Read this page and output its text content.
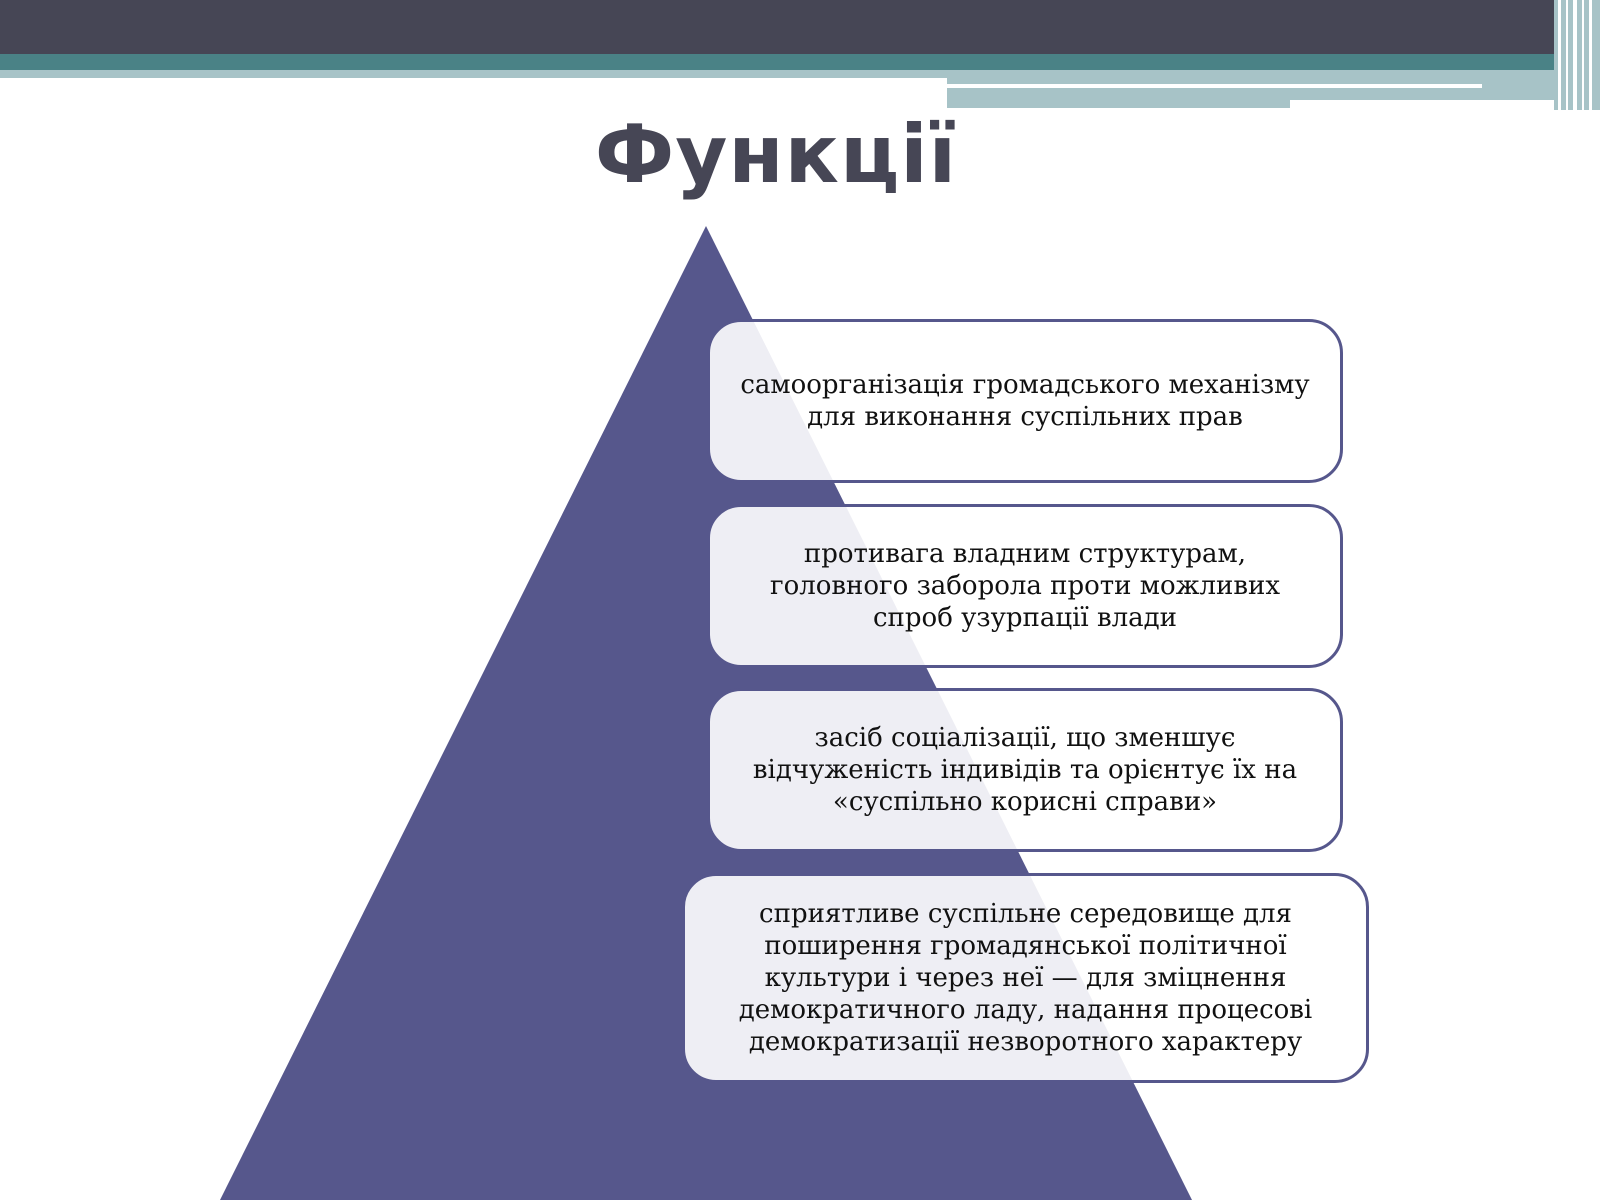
Функції
самоорганізація громадського механізму
для виконання суспільних прав
противага владним структурам,
головного заборола проти можливих
спроб узурпації влади
засіб соціалізації, що зменшує
відчуженість індивідів та орієнтує їх на
«суспільно корисні справи»
сприятливе суспільне середовище для
поширення громадянської політичної
культури і через неї — для зміцнення
демократичного ладу, надання процесові
демократизації незворотного характеру
